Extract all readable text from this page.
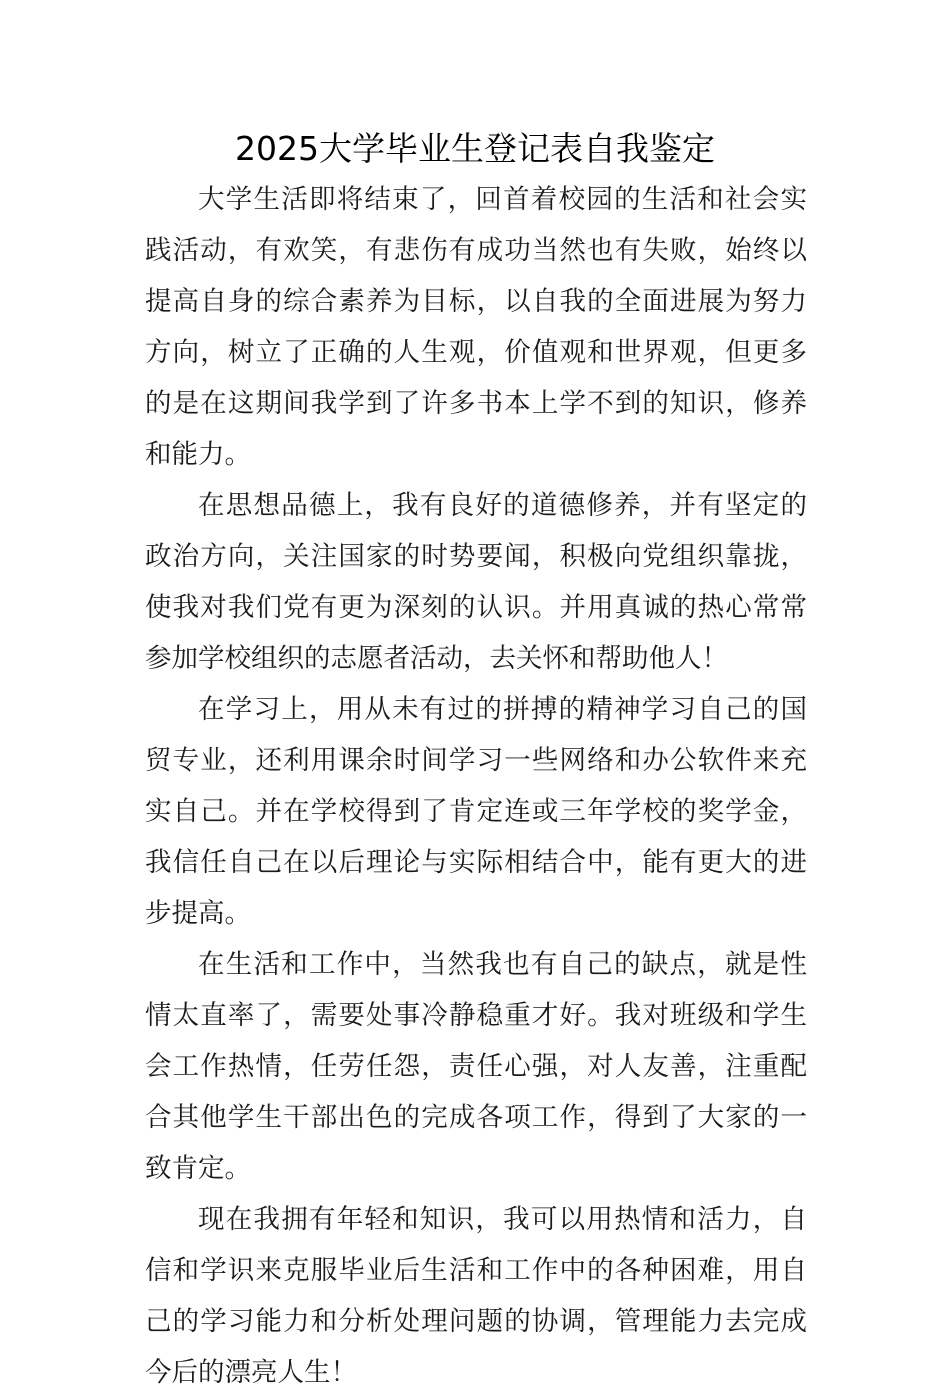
2025大学毕业生登记表自我鉴定

大学生活即将结束了，回首着校园的生活和社会实践活动，有欢笑，有悲伤有成功当然也有失败，始终以提高自身的综合素养为目标，以自我的全面进展为努力方向，树立了正确的人生观，价值观和世界观，但更多的是在这期间我学到了许多书本上学不到的知识，修养和能力。

在思想品德上，我有良好的道德修养，并有坚定的政治方向，关注国家的时势要闻，积极向党组织靠拢，使我对我们党有更为深刻的认识。并用真诚的热心常常参加学校组织的志愿者活动，去关怀和帮助他人！

在学习上，用从未有过的拼搏的精神学习自己的国贸专业，还利用课余时间学习一些网络和办公软件来充实自己。并在学校得到了肯定连或三年学校的奖学金，我信任自己在以后理论与实际相结合中，能有更大的进步提高。

在生活和工作中，当然我也有自己的缺点，就是性情太直率了，需要处事冷静稳重才好。我对班级和学生会工作热情，任劳任怨，责任心强，对人友善，注重配合其他学生干部出色的完成各项工作，得到了大家的一致肯定。

现在我拥有年轻和知识，我可以用热情和活力，自信和学识来克服毕业后生活和工作中的各种困难，用自己的学习能力和分析处理问题的协调，管理能力去完成今后的漂亮人生！
